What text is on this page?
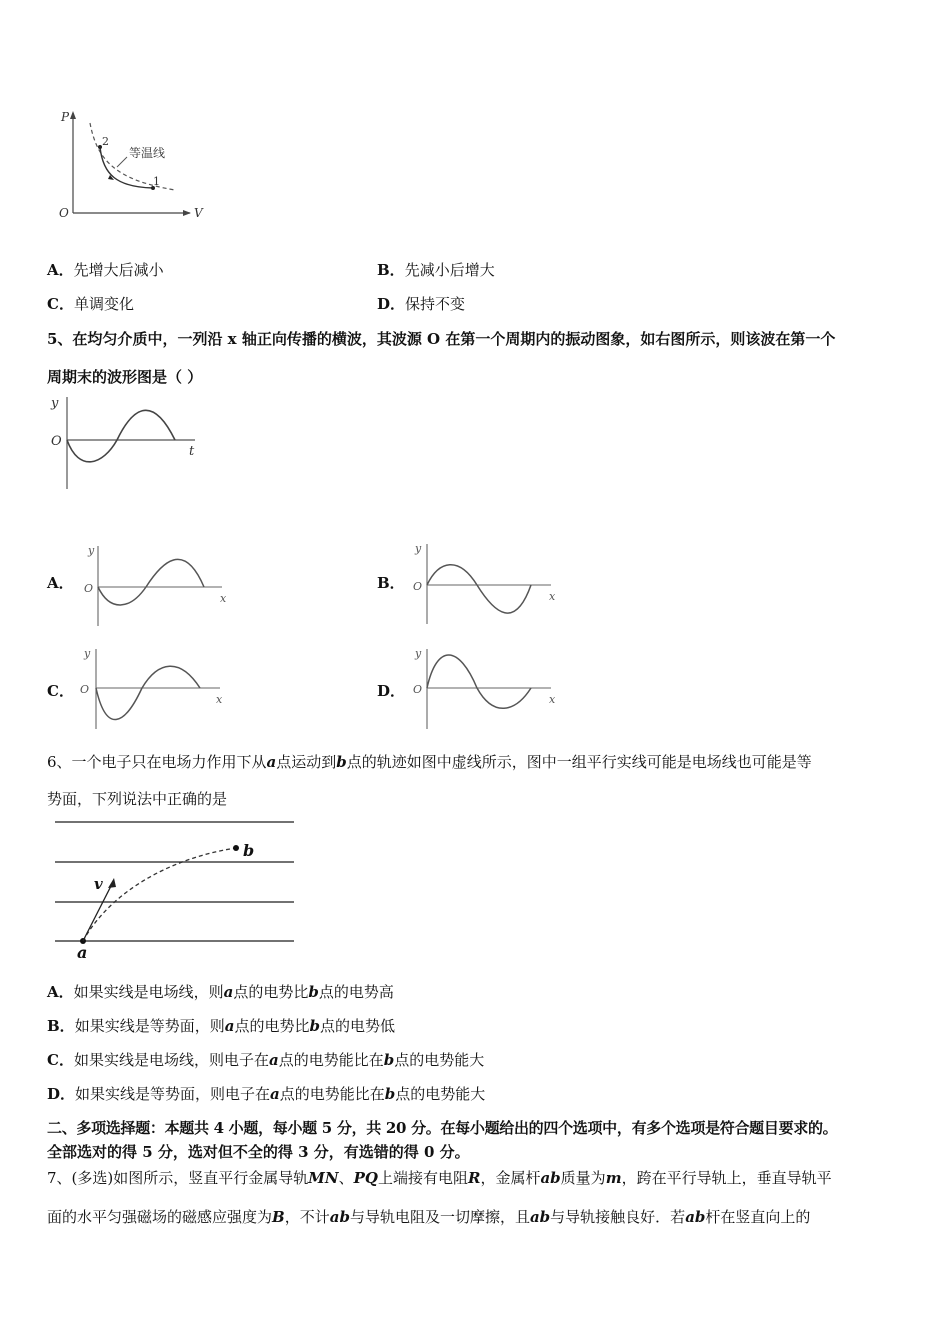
P
V
O
2
1
等温线
A．先增大后减小	B．先减小后增大
C．单调变化	D．保持不变
5、在均匀介质中，一列沿 x 轴正向传播的横波，其波源 O 在第一个周期内的振动图象，如右图所示，则该波在第一个
周期末的波形图是（ ）
y
O
t
A．
y
O
x
B．
y
O
x
C．
y
O
x	D．
y
O
x
6、一个电子只在电场力作用下从a点运动到b点的轨迹如图中虚线所示，图中一组平行实线可能是电场线也可能是等
势面，下列说法中正确的是
v
b
a
A．如果实线是电场线，则a点的电势比b点的电势高
B．如果实线是等势面，则a点的电势比b点的电势低
C．如果实线是电场线，则电子在a点的电势能比在b点的电势能大
D．如果实线是等势面，则电子在a点的电势能比在b点的电势能大
二、多项选择题：本题共 4 小题，每小题 5 分，共 20 分。在每小题给出的四个选项中，有多个选项是符合题目要求的。
全部选对的得 5 分，选对但不全的得 3 分，有选错的得 0 分。
7、(多选)如图所示，竖直平行金属导轨MN、PQ上端接有电阻R，金属杆ab质量为m，跨在平行导轨上，垂直导轨平
面的水平匀强磁场的磁感应强度为B，不计ab与导轨电阻及一切摩擦，且ab与导轨接触良好．若ab杆在竖直向上的
